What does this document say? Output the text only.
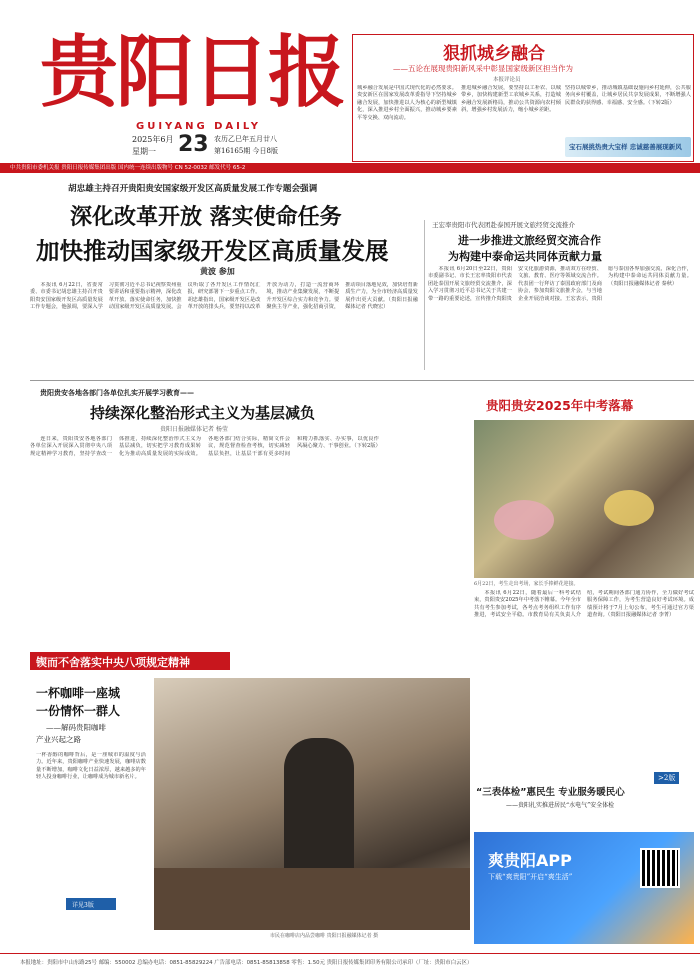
贵阳日报
GUIYANG DAILY
2025年6月
星期一 23 农历乙巳年五月廿八
第16165期 今日8版
中共贵阳市委机关报 贵阳日报传媒集团出版 国内统一连续出版物号 CN 52-0032 邮发代号 65-2
狠抓城乡融合
——五论在展现贵阳新风采中彰显国家级新区担当作为
本报评论员
城乡融合发展是中国式现代化的必然要求。贵安新区在国家发展改革委指导下坚持城乡融合发展，加快推进以人为核心的新型城镇化，深入推进乡村全面振兴，推动城乡要素平等交换、双向流动。
推进城乡融合发展，要坚持以工补农、以城带乡，加快构建新型工农城乡关系，打造城乡融合发展新格局，推动公共资源向农村倾斜，增强乡村发展活力，缩小城乡差距。
坚持以城带乡，推动城镇基础设施向乡村延伸，公共服务向乡村覆盖，让城乡居民共享发展成果，不断增强人民群众的获得感、幸福感、安全感。（下转2版）
宝石展挑热贵大宝样 忠诚慈善展现新风
胡忠雄主持召开贵阳贵安国家级开发区高质量发展工作专题会强调
深化改革开放 落实使命任务
加快推动国家级开发区高质量发展
黄波 参加

本报讯 6月22日，省委常委、市委书记胡忠雄主持召开贵阳贵安国家级开发区高质量发展工作专题会，他强调，要深入学习贯彻习近平总书记视察贵州重要讲话和重要指示精神，深化改革开放、落实使命任务，加快推动国家级开发区高质量发展。会议听取了各开发区工作情况汇报，研究部署下一步重点工作。胡忠雄指出，国家级开发区是改革开放的排头兵，要坚持以改革开放为动力，打造一流营商环境，推动产业集聚发展，不断提升开发区综合实力和竞争力。要聚焦主导产业，强化招商引资，推动项目落地见效，加快培育新质生产力，为全市经济高质量发展作出更大贡献。（贵阳日报融媒体记者 代晓宏）

王宏率贵阳市代表团赴泰国开展文旅经贸交流推介
进一步推进文旅经贸交流合作
为构建中泰命运共同体贡献力量

本报讯 6月20日至22日，贵阳市委副书记、市长王宏率贵阳市代表团赴泰国开展文旅经贸交流推介，深入学习贯彻习近平总书记关于共建一带一路的重要论述，宣传推介贵阳贵安文化旅游资源，推动双方在经贸、文旅、教育、医疗等领域交流合作。代表团一行拜访了泰国政府部门及商协会，参加贵阳文旅推介会，与当地企业开展洽谈对接。王宏表示，贵阳愿与泰国各界加强交流，深化合作，为构建中泰命运共同体贡献力量。（贵阳日报融媒体记者 秦秋）

贵阳贵安各地各部门各单位扎实开展学习教育——
持续深化整治形式主义为基层减负
贵阳日报融媒体记者 杨莹

连日来，贵阳贵安各地各部门各单位深入开展深入贯彻中央八项规定精神学习教育，坚持学查改一体推进，持续深化整治形式主义为基层减负，切实把学习教育成果转化为推动高质量发展的实际成效。各地各部门结合实际，精简文件会议，规范督查检查考核，切实减轻基层负担，让基层干部有更多时间和精力抓落实、办实事，以优良作风凝心聚力、干事创业。（下转2版）

锲而不舍落实中央八项规定精神
贵阳贵安2025年中考落幕
6月22日，考生走出考场，家长手捧鲜花迎接。

本报讯 6月22日，随着最后一科考试结束，贵阳贵安2025年中考落下帷幕。今年全市共有考生参加考试，各考点考务组织工作有序推进，考试安全平稳。市教育局有关负责人介绍，考试期间各部门通力协作，全力做好考试服务保障工作，为考生营造良好考试环境。成绩预计将于7月上旬公布，考生可通过官方渠道查询。（贵阳日报融媒体记者 李菁）

一杯咖啡一座城
一份情怀一群人
——解码贵阳咖啡
产业兴起之路
一杯香醇的咖啡背后，是一座城市的温度与活力。近年来，贵阳咖啡产业快速发展，咖啡店数量不断增加，咖啡文化日益浓厚，越来越多的年轻人投身咖啡行业，让咖啡成为城市新名片。
详见3版
市民在咖啡店内品尝咖啡 贵阳日报融媒体记者 摄
>2版
“三表体检”惠民生 专业服务暖民心
——贵阳扎实推进居民“水电气”安全体检
爽贵阳APP
下载“爽贵阳”开启“爽生活”
本报地址：贵阳市中山东路25号 邮编：550002 总编办电话：0851-85829224 广告部电话：0851-85813858 零售：1.50元 贵阳日报传媒集团印务有限公司承印（厂址：贵阳市白云区）
